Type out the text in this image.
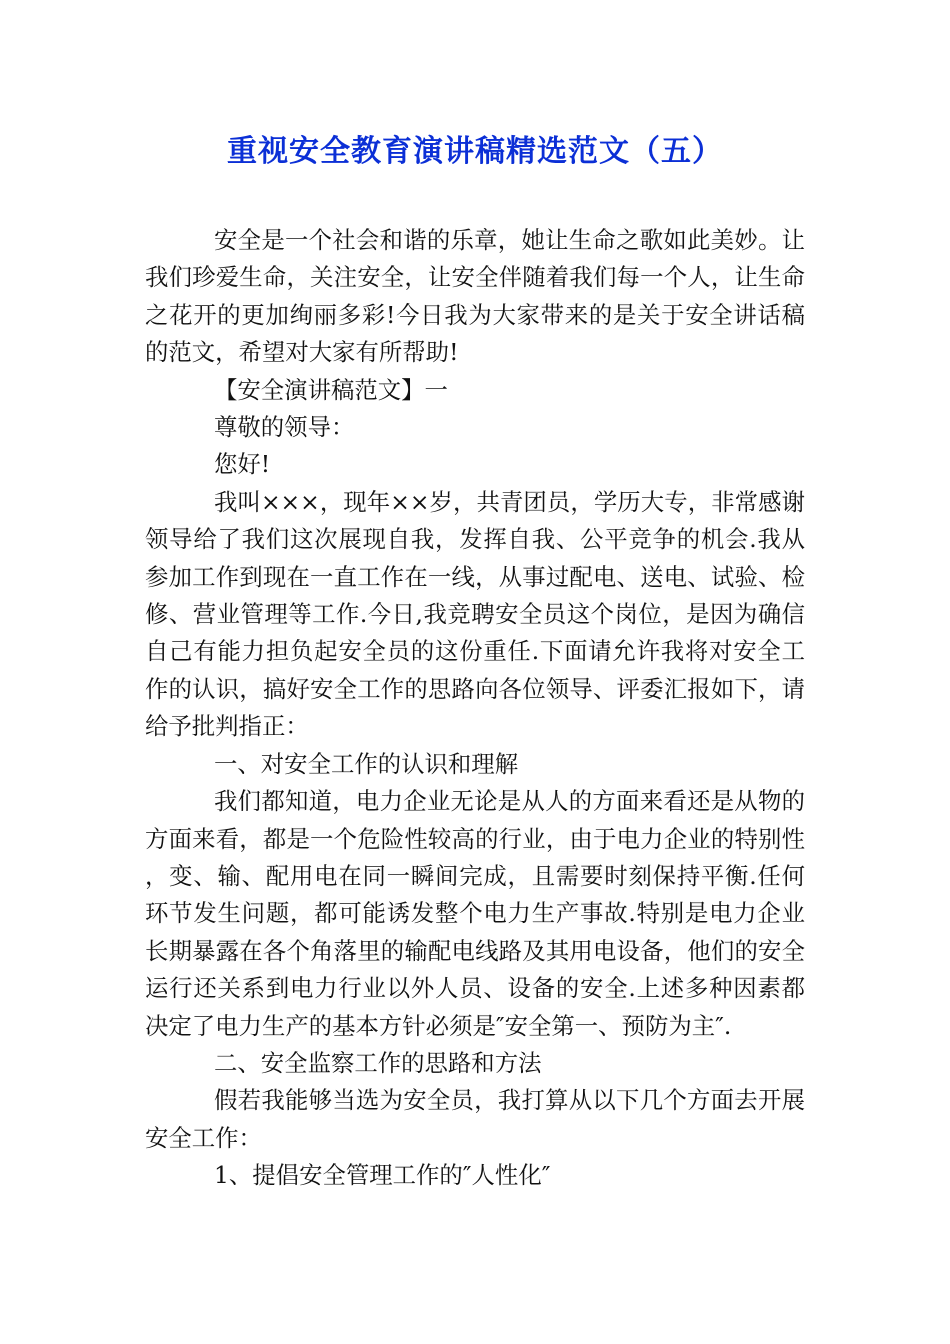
重视安全教育演讲稿精选范文（五）

安全是一个社会和谐的乐章，她让生命之歌如此美妙。让我们珍爱生命，关注安全，让安全伴随着我们每一个人，让生命之花开的更加绚丽多彩!今日我为大家带来的是关于安全讲话稿的范文，希望对大家有所帮助!

【安全演讲稿范文】一

尊敬的领导：

您好!

我叫×××，现年××岁，共青团员，学历大专，非常感谢领导给了我们这次展现自我，发挥自我、公平竞争的机会.我从参加工作到现在一直工作在一线，从事过配电、送电、试验、检修、营业管理等工作.今日,我竞聘安全员这个岗位，是因为确信自己有能力担负起安全员的这份重任.下面请允许我将对安全工作的认识，搞好安全工作的思路向各位领导、评委汇报如下，请给予批判指正：

一、对安全工作的认识和理解

我们都知道，电力企业无论是从人的方面来看还是从物的方面来看，都是一个危险性较高的行业，由于电力企业的特别性，变、输、配用电在同一瞬间完成，且需要时刻保持平衡.任何环节发生问题，都可能诱发整个电力生产事故.特别是电力企业长期暴露在各个角落里的输配电线路及其用电设备，他们的安全运行还关系到电力行业以外人员、设备的安全.上述多种因素都决定了电力生产的基本方针必须是″安全第一、预防为主″.

二、安全监察工作的思路和方法

假若我能够当选为安全员，我打算从以下几个方面去开展安全工作：

1、提倡安全管理工作的″人性化″
